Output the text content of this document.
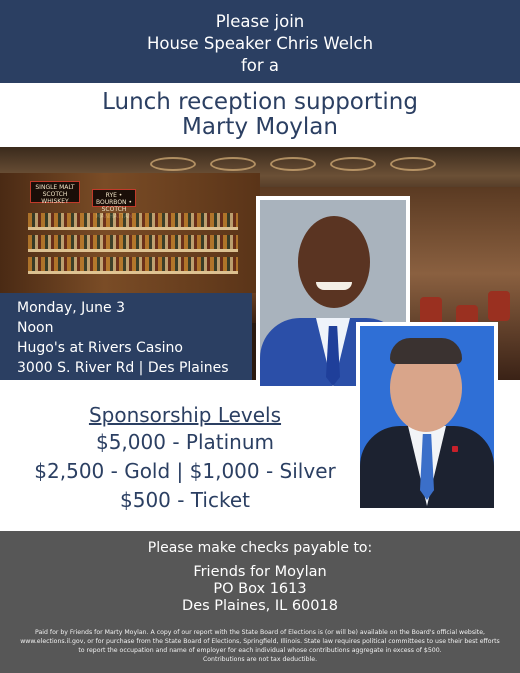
Please join
House Speaker Chris Welch
for a
Lunch reception supporting
Marty Moylan
SINGLE MALT SCOTCH WHISKEY
RYE • BOURBON • SCOTCH
Monday, June 3
Noon
Hugo's at Rivers Casino
3000 S. River Rd | Des Plaines
Sponsorship Levels
$5,000 - Platinum
$2,500 - Gold | $1,000 - Silver
$500 - Ticket
Please make checks payable to:
Friends for Moylan
PO Box 1613
Des Plaines, IL 60018
Paid for by Friends for Marty Moylan. A copy of our report with the State Board of Elections is (or will be) available on the Board's official website, www.elections.il.gov, or for purchase from the State Board of Elections, Springfield, Illinois. State law requires political committees to use their best efforts to report the occupation and name of employer for each individual whose contributions aggregate in excess of $500.
Contributions are not tax deductible.
